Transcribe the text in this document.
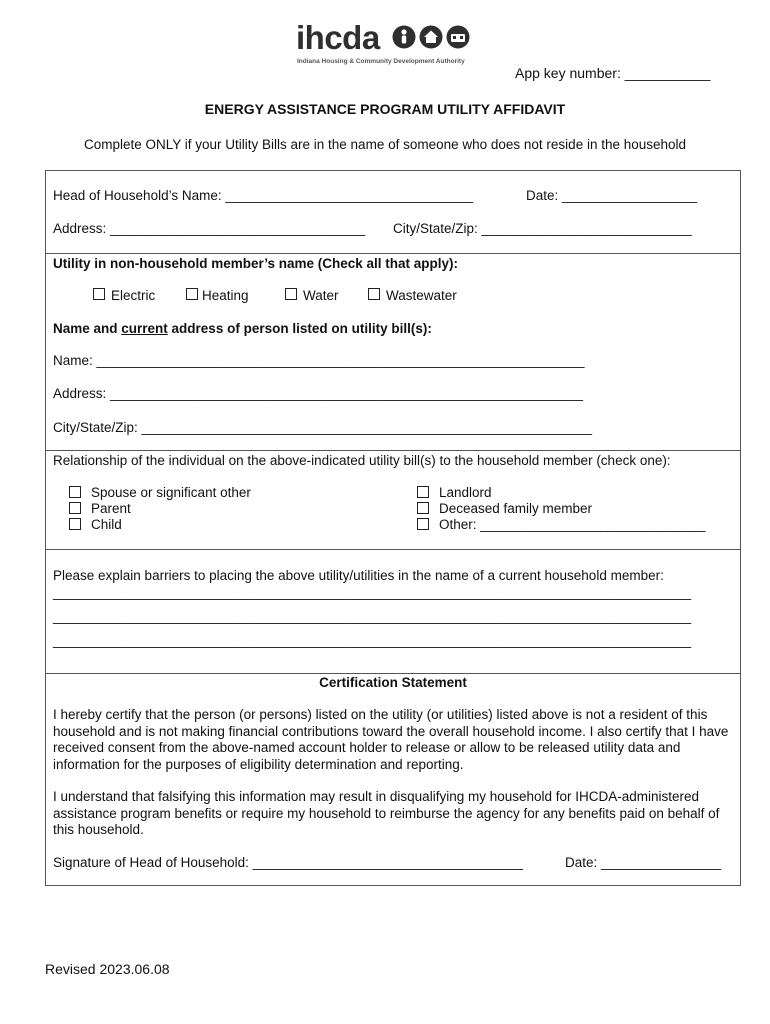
ihcda
Indiana Housing & Community Development Authority
App key number: ___________
ENERGY ASSISTANCE PROGRAM UTILITY AFFIDAVIT
Complete ONLY if your Utility Bills are in the name of someone who does not reside in the household
Head of Household’s Name: _________________________________	Date: __________________
Address: __________________________________ City/State/Zip: ____________________________
Utility in non-household member’s name (Check all that apply):
Electric	Heating	Water	Wastewater
Name and current address of person listed on utility bill(s):
Name: _________________________________________________________________
Address: _______________________________________________________________
City/State/Zip: ____________________________________________________________
Relationship of the individual on the above-indicated utility bill(s) to the household member (check one):
Spouse or significant other
Parent
Child
Landlord
Deceased family member
Other: ______________________________
Please explain barriers to placing the above utility/utilities in the name of a current household member:
_____________________________________________________________________________________
_____________________________________________________________________________________
_____________________________________________________________________________________
Certification Statement
I hereby certify that the person (or persons) listed on the utility (or utilities) listed above is not a resident of this household and is not making financial contributions toward the overall household income. I also certify that I have received consent from the above-named account holder to release or allow to be released utility data and information for the purposes of eligibility determination and reporting.
I understand that falsifying this information may result in disqualifying my household for IHCDA-administered assistance program benefits or require my household to reimburse the agency for any benefits paid on behalf of this household.
Signature of Head of Household: ____________________________________	Date: ________________
Revised 2023.06.08
